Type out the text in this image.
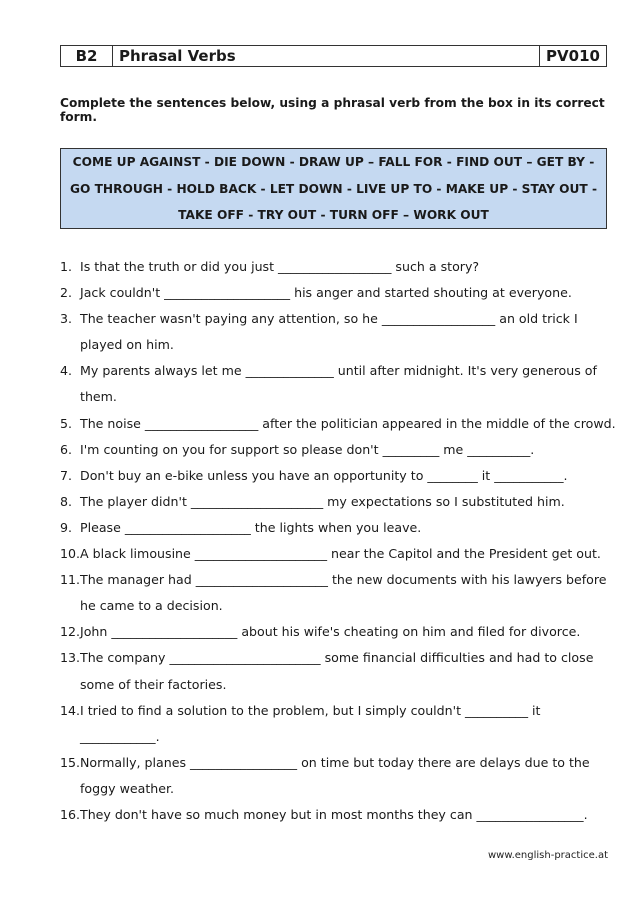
B2	Phrasal Verbs	PV010
Complete the sentences below, using a phrasal verb from the box in its correct form.
COME UP AGAINST - DIE DOWN - DRAW UP – FALL FOR - FIND OUT – GET BY - GO THROUGH - HOLD BACK - LET DOWN - LIVE UP TO - MAKE UP - STAY OUT - TAKE OFF - TRY OUT - TURN OFF – WORK OUT
1. Is that the truth or did you just __________________ such a story?
2. Jack couldn't ____________________ his anger and started shouting at everyone.
3. The teacher wasn't paying any attention, so he __________________ an old trick I played on him.
4. My parents always let me ______________ until after midnight. It's very generous of them.
5. The noise __________________ after the politician appeared in the middle of the crowd.
6. I'm counting on you for support so please don't _________ me __________.
7. Don't buy an e-bike unless you have an opportunity to ________ it ___________.
8. The player didn't _____________________ my expectations so I substituted him.
9. Please ____________________ the lights when you leave.
10. A black limousine _____________________ near the Capitol and the President get out.
11. The manager had _____________________ the new documents with his lawyers before he came to a decision.
12. John ____________________ about his wife's cheating on him and filed for divorce.
13. The company ________________________ some financial difficulties and had to close some of their factories.
14. I tried to find a solution to the problem, but I simply couldn't __________ it ____________.
15. Normally, planes _________________ on time but today there are delays due to the foggy weather.
16. They don't have so much money but in most months they can _________________.
www.english-practice.at
